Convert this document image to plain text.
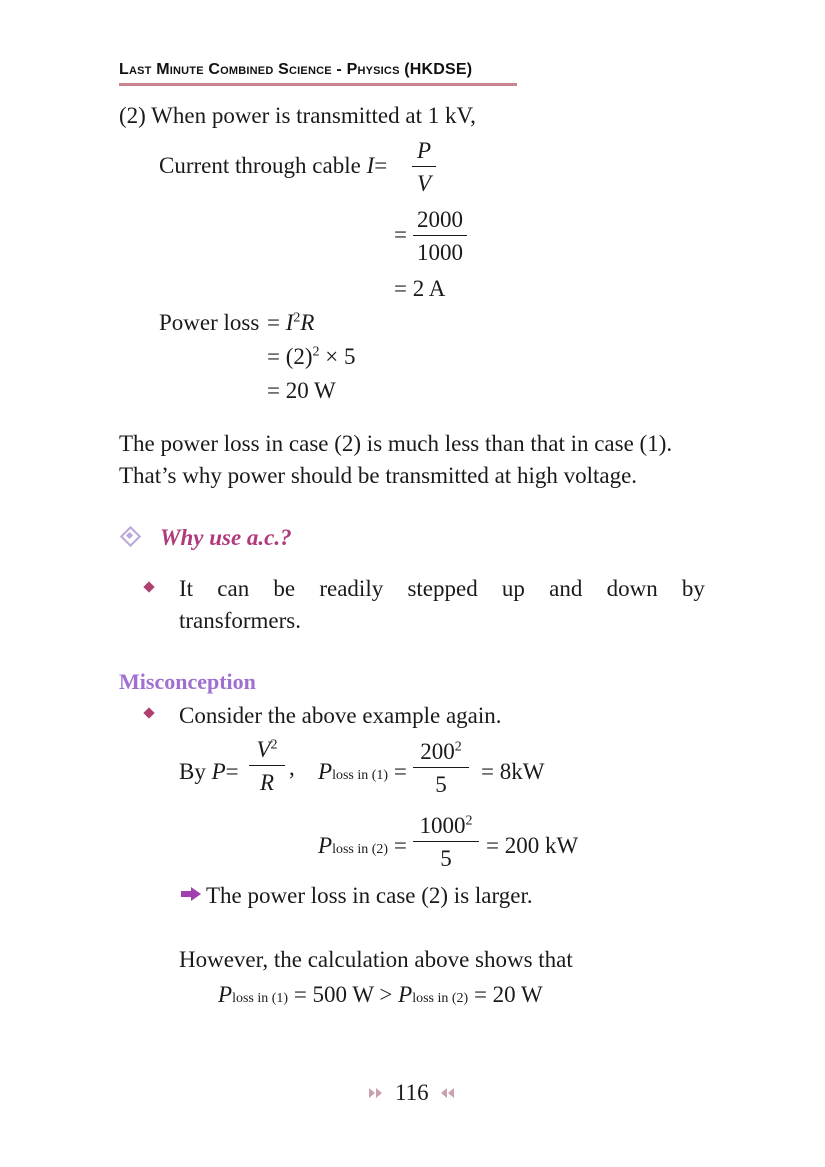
Last Minute Combined Science - Physics (HKDSE)
(2) When power is transmitted at 1 kV,
Current through cable I=
P
V
=
2000
1000
= 2 A
Power loss = $I^2R$
= $(2)^2 \times 5$
= 20 W
The power loss in case (2) is much less than that in case (1).
That’s why power should be transmitted at high voltage.
Why use a.c.?
It can be readily stepped up and down by
transformers.
Misconception
Consider the above example again.
By P=
$V^2$
R
, Ploss in (1) =
$200^2$
5
= 8kW
Ploss in (2) =
$1000^2$
5
= 200 kW
The power loss in case (2) is larger.
However, the calculation above shows that
Ploss in (1) = 500 W > Ploss in (2) = 20 W
116
